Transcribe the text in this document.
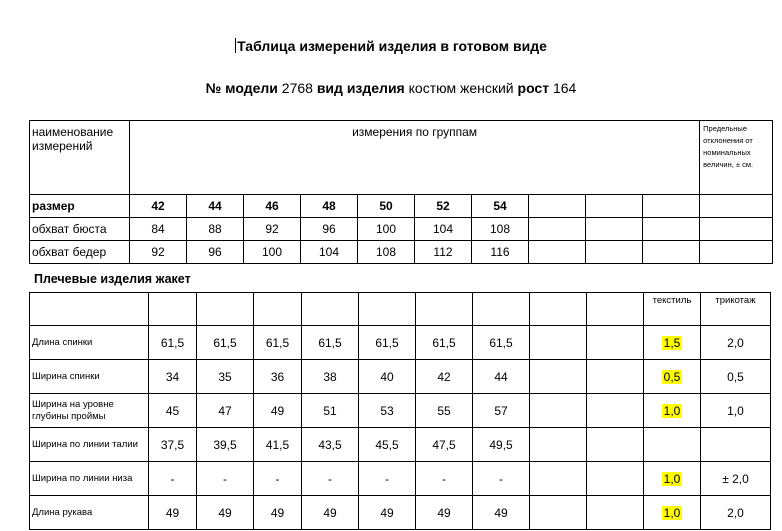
Таблица измерений изделия в готовом виде
№ модели 2768 вид изделия костюм женский рост 164
наименование измерений	измерения по группам										Предельные отклонения от номинальных величин, ± см.
размер	42	44	46	48	50	52	54				
обхват бюста	84	88	92	96	100	104	108				
обхват бедер	92	96	100	104	108	112	116				
Плечевые изделия жакет
										текстиль	трикотаж
Длина спинки	61,5	61,5	61,5	61,5	61,5	61,5	61,5			1,5	2,0
Ширина спинки	34	35	36	38	40	42	44			0,5	0,5
Ширина на уровне глубины проймы	45	47	49	51	53	55	57			1,0	1,0
Ширина по линии талии	37,5	39,5	41,5	43,5	45,5	47,5	49,5				
Ширина по линии низа	-	-	-	-	-	-	-			1,0	± 2,0
Длина рукава	49	49	49	49	49	49	49			1,0	2,0
